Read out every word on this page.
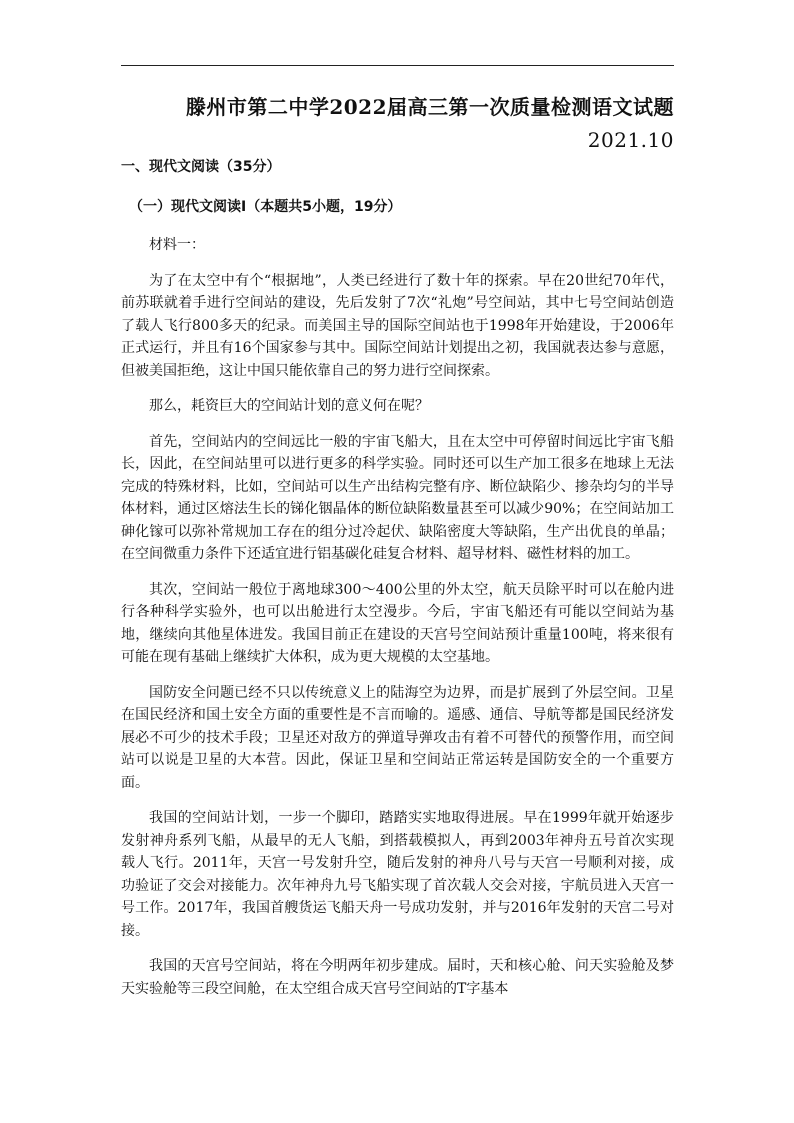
滕州市第二中学2022届高三第一次质量检测语文试题
2021.10
一、现代文阅读（35分）
（一）现代文阅读Ⅰ（本题共5小题，19分）

材料一：

为了在太空中有个“根据地”，人类已经进行了数十年的探索。早在20世纪70年代，前苏联就着手进行空间站的建设，先后发射了7次“礼炮”号空间站，其中七号空间站创造了载人飞行800多天的纪录。而美国主导的国际空间站也于1998年开始建设，于2006年正式运行，并且有16个国家参与其中。国际空间站计划提出之初，我国就表达参与意愿，但被美国拒绝，这让中国只能依靠自己的努力进行空间探索。

那么，耗资巨大的空间站计划的意义何在呢？

首先，空间站内的空间远比一般的宇宙飞船大，且在太空中可停留时间远比宇宙飞船长，因此，在空间站里可以进行更多的科学实验。同时还可以生产加工很多在地球上无法完成的特殊材料，比如，空间站可以生产出结构完整有序、断位缺陷少、掺杂均匀的半导体材料，通过区熔法生长的锑化铟晶体的断位缺陷数量甚至可以减少90%；在空间站加工砷化镓可以弥补常规加工存在的组分过冷起伏、缺陷密度大等缺陷，生产出优良的单晶；在空间微重力条件下还适宜进行铝基碳化硅复合材料、超导材料、磁性材料的加工。

其次，空间站一般位于离地球300～400公里的外太空，航天员除平时可以在舱内进行各种科学实验外，也可以出舱进行太空漫步。今后，宇宙飞船还有可能以空间站为基地，继续向其他星体进发。我国目前正在建设的天宫号空间站预计重量100吨，将来很有可能在现有基础上继续扩大体积，成为更大规模的太空基地。

国防安全问题已经不只以传统意义上的陆海空为边界，而是扩展到了外层空间。卫星在国民经济和国土安全方面的重要性是不言而喻的。遥感、通信、导航等都是国民经济发展必不可少的技术手段；卫星还对敌方的弹道导弹攻击有着不可替代的预警作用，而空间站可以说是卫星的大本营。因此，保证卫星和空间站正常运转是国防安全的一个重要方面。

我国的空间站计划，一步一个脚印，踏踏实实地取得进展。早在1999年就开始逐步发射神舟系列飞船，从最早的无人飞船，到搭载模拟人，再到2003年神舟五号首次实现载人飞行。2011年，天宫一号发射升空，随后发射的神舟八号与天宫一号顺利对接，成功验证了交会对接能力。次年神舟九号飞船实现了首次载人交会对接，宇航员进入天宫一号工作。2017年，我国首艘货运飞船天舟一号成功发射，并与2016年发射的天宫二号对接。

我国的天宫号空间站，将在今明两年初步建成。届时，天和核心舱、问天实验舱及梦天实验舱等三段空间舱，在太空组合成天宫号空间站的T字基本
